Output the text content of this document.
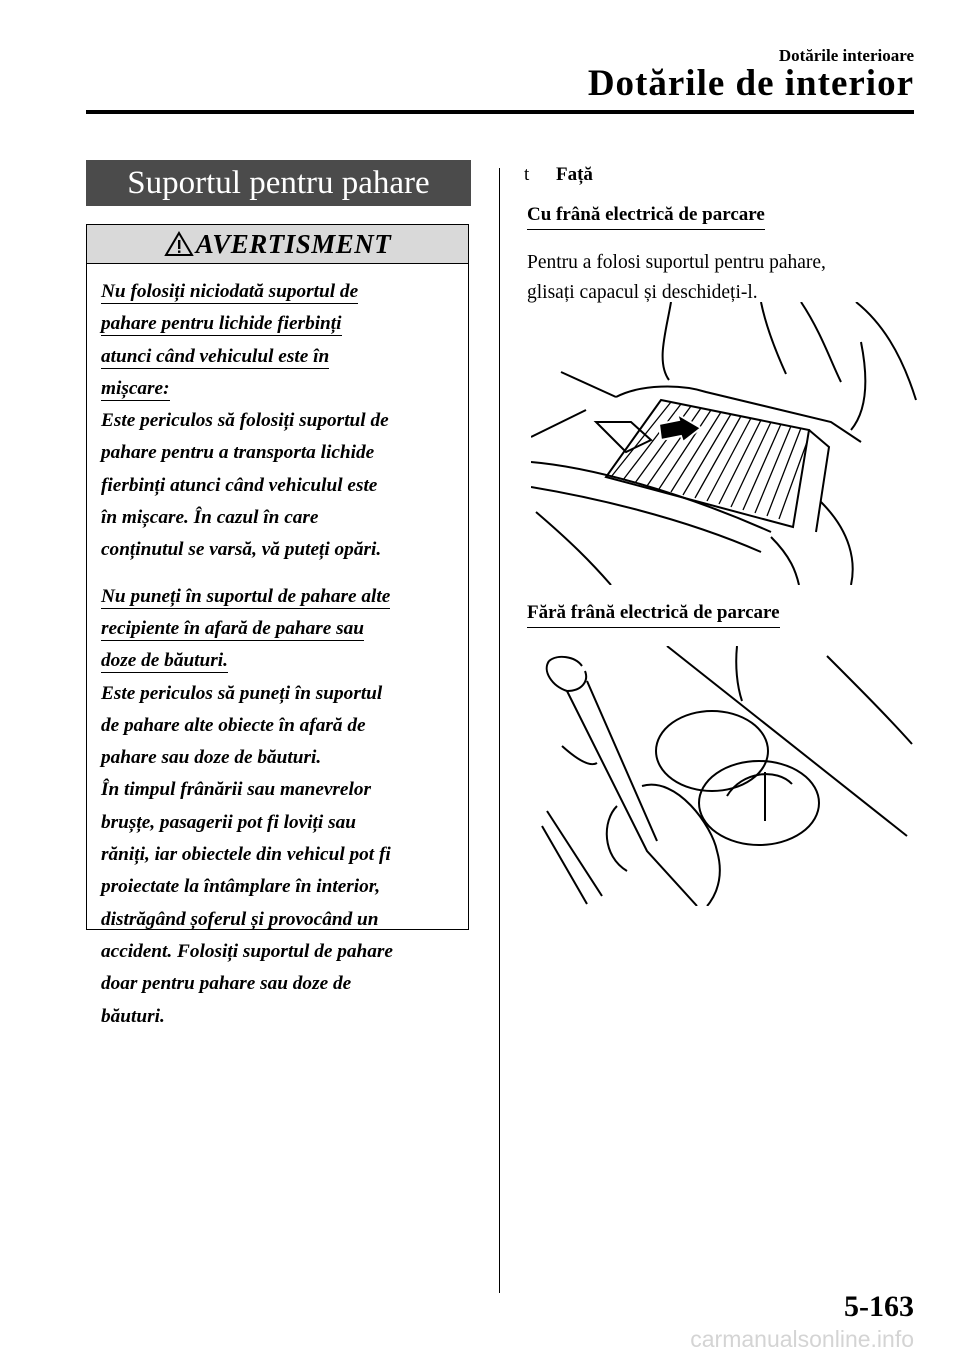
Dotările interioare
Dotările de interior
Suportul pentru pahare
AVERTISMENT
Nu folosiți niciodată suportul de
pahare pentru lichide fierbinți
atunci când vehiculul este în
mișcare:
Este periculos să folosiți suportul de
pahare pentru a transporta lichide
fierbinți atunci când vehiculul este
în mișcare. În cazul în care
conținutul se varsă, vă puteți opări.
Nu puneți în suportul de pahare alte
recipiente în afară de pahare sau
doze de băuturi.
Este periculos să puneți în suportul
de pahare alte obiecte în afară de
pahare sau doze de băuturi.
În timpul frânării sau manevrelor
brușțe, pasagerii pot fi loviți sau
răniți, iar obiectele din vehicul pot fi
proiectate la întâmplare în interior,
distrăgând șoferul și provocând un
accident. Folosiți suportul de pahare
doar pentru pahare sau doze de
băuturi.
t Față
Cu frână electrică de parcare
Pentru a folosi suportul pentru pahare,
glisați capacul și deschideți-l.
Fără frână electrică de parcare
5-163
carmanualsonline.info
